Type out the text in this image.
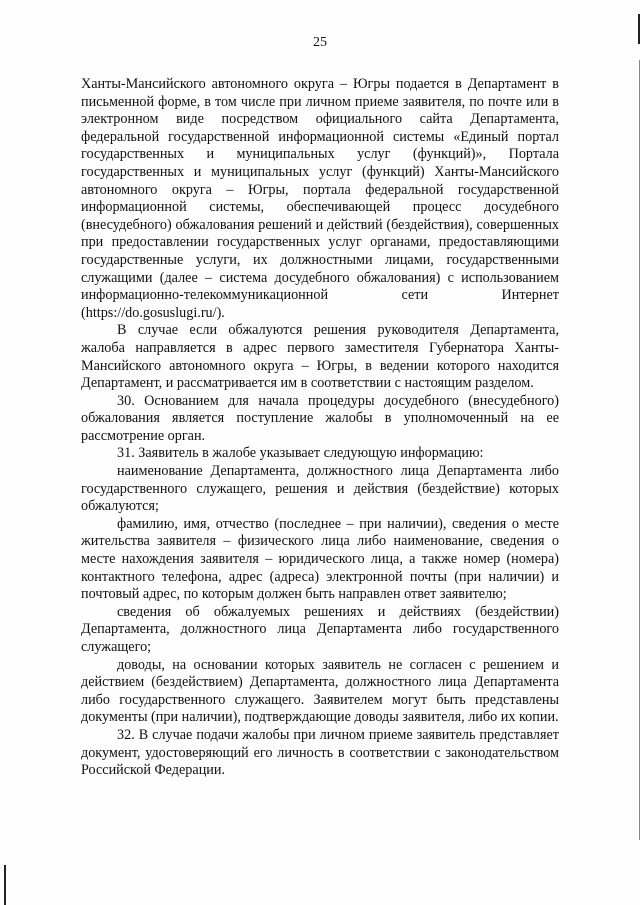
25

Ханты-Мансийского автономного округа – Югры подается в Департамент в письменной форме, в том числе при личном приеме заявителя, по почте или в электронном виде посредством официального сайта Департамента, федеральной государственной информационной системы «Единый портал государственных и муниципальных услуг (функций)», Портала государственных и муниципальных услуг (функций) Ханты-Мансийского автономного округа – Югры, портала федеральной государственной информационной системы, обеспечивающей процесс досудебного (внесудебного) обжалования решений и действий (бездействия), совершенных при предоставлении государственных услуг органами, предоставляющими государственные услуги, их должностными лицами, государственными служащими (далее – система досудебного обжалования) с использованием информационно-телекоммуникационной сети Интернет (https://do.gosuslugi.ru/).

В случае если обжалуются решения руководителя Департамента, жалоба направляется в адрес первого заместителя Губернатора Ханты-Мансийского автономного округа – Югры, в ведении которого находится Департамент, и рассматривается им в соответствии с настоящим разделом.

30. Основанием для начала процедуры досудебного (внесудебного) обжалования является поступление жалобы в уполномоченный на ее рассмотрение орган.

31. Заявитель в жалобе указывает следующую информацию:

наименование Департамента, должностного лица Департамента либо государственного служащего, решения и действия (бездействие) которых обжалуются;

фамилию, имя, отчество (последнее – при наличии), сведения о месте жительства заявителя – физического лица либо наименование, сведения о месте нахождения заявителя – юридического лица, а также номер (номера) контактного телефона, адрес (адреса) электронной почты (при наличии) и почтовый адрес, по которым должен быть направлен ответ заявителю;

сведения об обжалуемых решениях и действиях (бездействии) Департамента, должностного лица Департамента либо государственного служащего;

доводы, на основании которых заявитель не согласен с решением и действием (бездействием) Департамента, должностного лица Департамента либо государственного служащего. Заявителем могут быть представлены документы (при наличии), подтверждающие доводы заявителя, либо их копии.

32. В случае подачи жалобы при личном приеме заявитель представляет документ, удостоверяющий его личность в соответствии с законодательством Российской Федерации.
